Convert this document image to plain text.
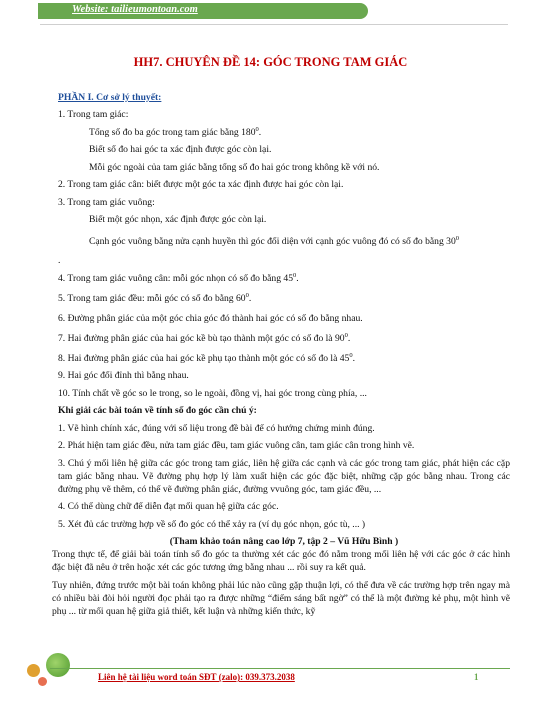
Website: tailieumontoan.com
HH7. CHUYÊN ĐỀ 14: GÓC TRONG TAM GIÁC

PHẦN I. Cơ sở lý thuyết:

1. Trong tam giác:

Tổng số đo ba góc trong tam giác bằng $180^0$.

Biết số đo hai góc ta xác định được góc còn lại.

Mỗi góc ngoài của tam giác bằng tổng số đo hai góc trong không kề với nó.

2. Trong tam giác cân: biết được một góc ta xác định được hai góc còn lại.

3. Trong tam giác vuông:

Biết một góc nhọn, xác định được góc còn lại.

Cạnh góc vuông bằng nửa cạnh huyền thì góc đối diện với cạnh góc vuông đó có số đo bằng $30^0$

.

4. Trong tam giác vuông cân: mỗi góc nhọn có số đo bằng $45^0$.

5. Trong tam giác đều: mỗi góc có số đo bằng $60^0$.

6. Đường phân giác của một góc chia góc đó thành hai góc có số đo bằng nhau.

7. Hai đường phân giác của hai góc kề bù tạo thành một góc có số đo là $90^0$.

8. Hai đường phân giác của hai góc kề phụ tạo thành một góc có số đo là $45^0$.

9. Hai góc đối đỉnh thì bằng nhau.

10. Tính chất về góc so le trong, so le ngoài, đồng vị, hai góc trong cùng phía, ...

Khi giải các bài toán về tính số đo góc cần chú ý:

1. Vẽ hình chính xác, đúng với số liệu trong đề bài để có hướng chứng minh đúng.

2. Phát hiện tam giác đều, nửa tam giác đều, tam giác vuông cân, tam giác cân trong hình vẽ.

3. Chú ý mối liên hệ giữa các góc trong tam giác, liên hệ giữa các cạnh và các góc trong tam giác, phát hiện các cặp tam giác bằng nhau. Vẽ đường phụ hợp lý làm xuất hiện các góc đặc biệt, những cặp góc bằng nhau. Trong các đường phụ vẽ thêm, có thể vẽ đường phân giác, đường vvuông góc, tam giác đều, ...

4. Có thể dùng chữ để diễn đạt mối quan hệ giữa các góc.

5. Xét đủ các trường hợp về số đo góc có thể xảy ra (ví dụ góc nhọn, góc tù, ... )

(Tham khảo toán nâng cao lớp 7, tập 2 – Vũ Hữu Bình )

Trong thực tế, để giải bài toán tính số đo góc ta thường xét các góc đó nằm trong mối liên hệ với các góc ở các hình đặc biệt đã nêu ở trên hoặc xét các góc tương ứng bằng nhau ... rồi suy ra kết quả.

Tuy nhiên, đứng trước một bài toán không phải lúc nào cũng gặp thuận lợi, có thể đưa về các trường hợp trên ngay mà có nhiều bài đòi hỏi người đọc phải tạo ra được những “điểm sáng bất ngờ” có thể là một đường kẻ phụ, một hình vẽ phụ ... từ mối quan hệ giữa giả thiết, kết luận và những kiến thức, kỹ

Liên hệ tài liệu word toán SĐT (zalo): 039.373.2038	1
